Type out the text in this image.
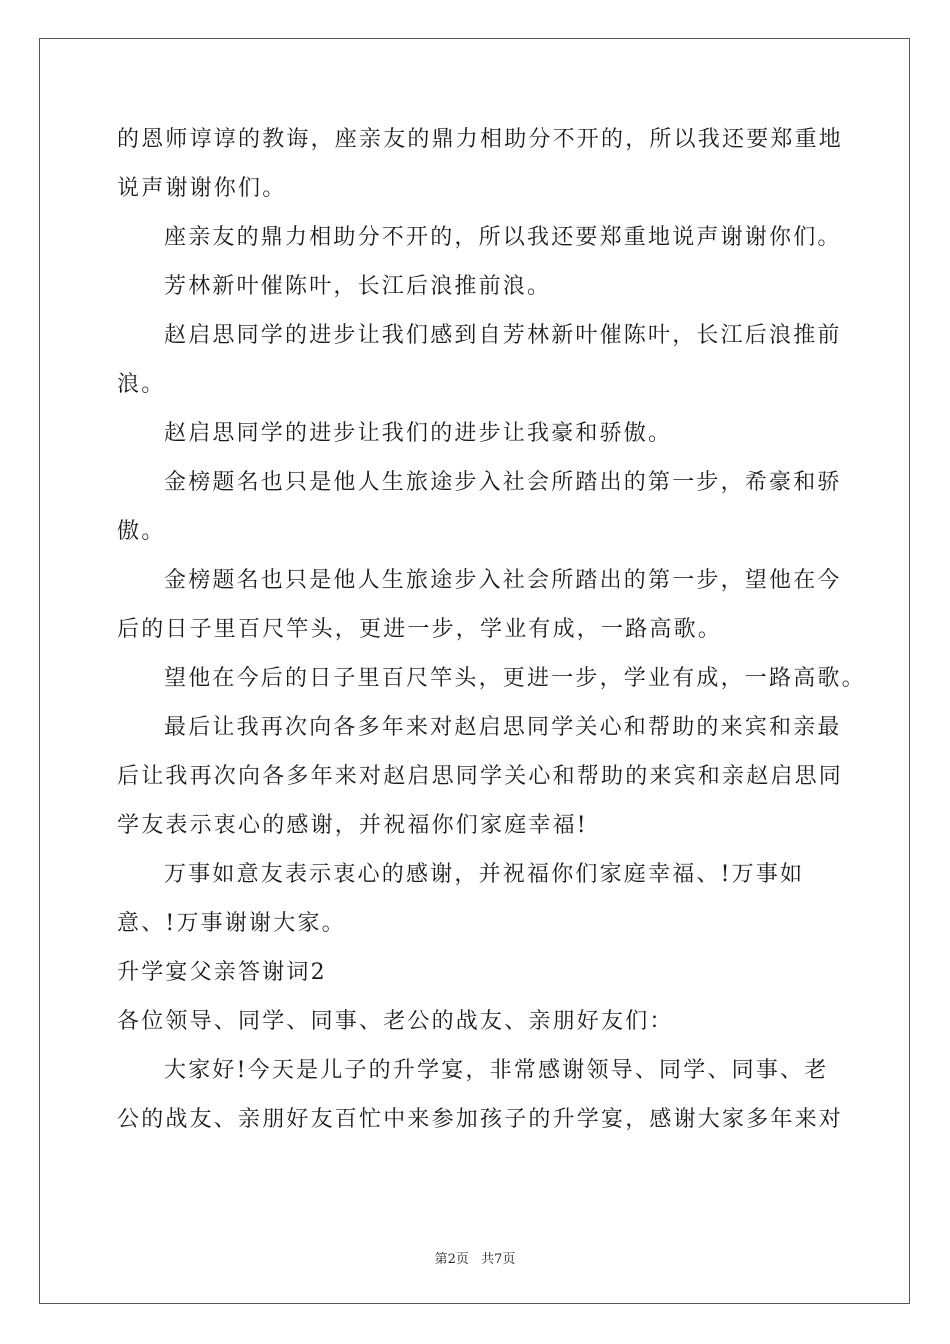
的恩师谆谆的教诲，座亲友的鼎力相助分不开的，所以我还要郑重地
说声谢谢你们。
座亲友的鼎力相助分不开的，所以我还要郑重地说声谢谢你们。
芳林新叶催陈叶，长江后浪推前浪。
赵启思同学的进步让我们感到自芳林新叶催陈叶，长江后浪推前
浪。
赵启思同学的进步让我们的进步让我豪和骄傲。
金榜题名也只是他人生旅途步入社会所踏出的第一步，希豪和骄
傲。
金榜题名也只是他人生旅途步入社会所踏出的第一步，望他在今
后的日子里百尺竿头，更进一步，学业有成，一路高歌。
望他在今后的日子里百尺竿头，更进一步，学业有成，一路高歌。
最后让我再次向各多年来对赵启思同学关心和帮助的来宾和亲最
后让我再次向各多年来对赵启思同学关心和帮助的来宾和亲赵启思同
学友表示衷心的感谢，并祝福你们家庭幸福!
万事如意友表示衷心的感谢，并祝福你们家庭幸福、!万事如
意、!万事谢谢大家。
升学宴父亲答谢词2
各位领导、同学、同事、老公的战友、亲朋好友们：
大家好!今天是儿子的升学宴，非常感谢领导、同学、同事、老
公的战友、亲朋好友百忙中来参加孩子的升学宴，感谢大家多年来对
第2页 共7页
